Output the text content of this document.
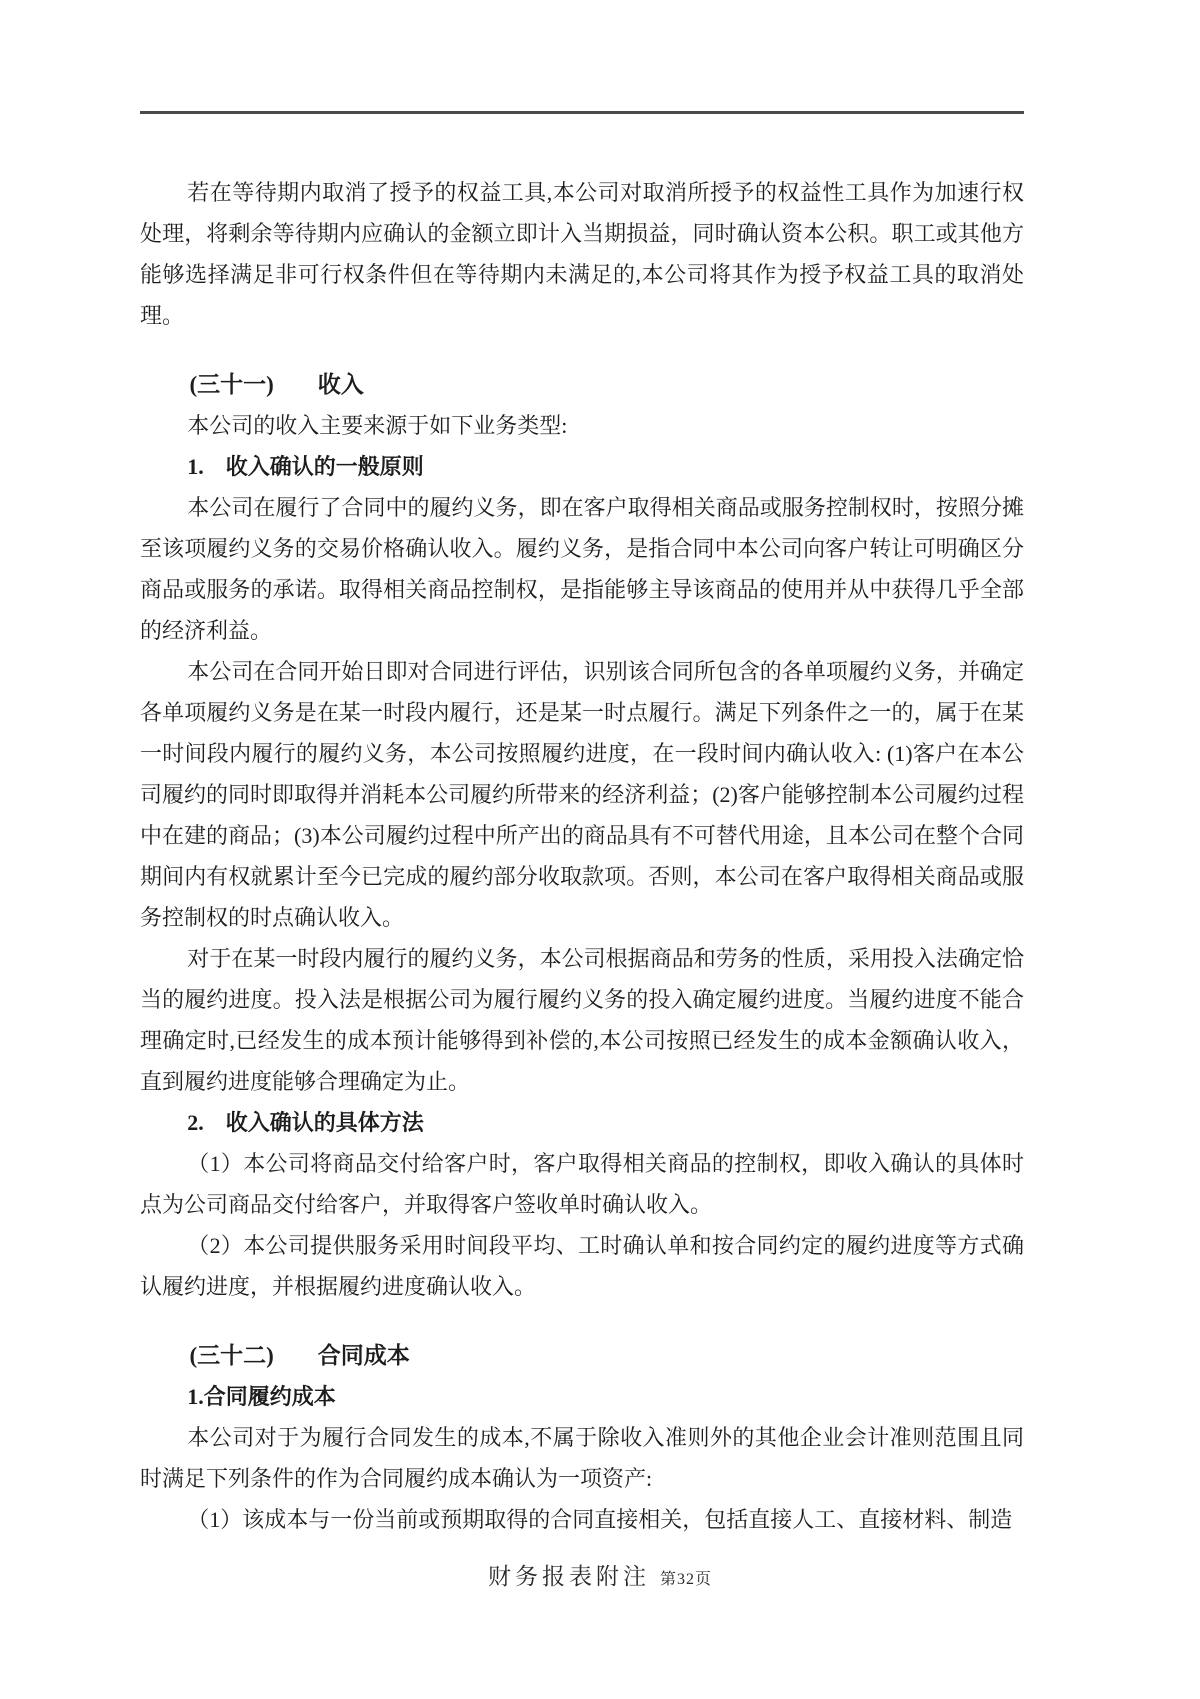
若在等待期内取消了授予的权益工具,本公司对取消所授予的权益性工具作为加速行权处理，将剩余等待期内应确认的金额立即计入当期损益，同时确认资本公积。职工或其他方能够选择满足非可行权条件但在等待期内未满足的,本公司将其作为授予权益工具的取消处理。

(三十一) 收入

本公司的收入主要来源于如下业务类型:

1.　收入确认的一般原则

本公司在履行了合同中的履约义务，即在客户取得相关商品或服务控制权时，按照分摊至该项履约义务的交易价格确认收入。履约义务，是指合同中本公司向客户转让可明确区分商品或服务的承诺。取得相关商品控制权，是指能够主导该商品的使用并从中获得几乎全部的经济利益。

本公司在合同开始日即对合同进行评估，识别该合同所包含的各单项履约义务，并确定各单项履约义务是在某一时段内履行，还是某一时点履行。满足下列条件之一的，属于在某一时间段内履行的履约义务，本公司按照履约进度，在一段时间内确认收入: (1)客户在本公司履约的同时即取得并消耗本公司履约所带来的经济利益；(2)客户能够控制本公司履约过程中在建的商品；(3)本公司履约过程中所产出的商品具有不可替代用途，且本公司在整个合同期间内有权就累计至今已完成的履约部分收取款项。否则，本公司在客户取得相关商品或服务控制权的时点确认收入。

对于在某一时段内履行的履约义务，本公司根据商品和劳务的性质，采用投入法确定恰当的履约进度。投入法是根据公司为履行履约义务的投入确定履约进度。当履约进度不能合理确定时,已经发生的成本预计能够得到补偿的,本公司按照已经发生的成本金额确认收入，直到履约进度能够合理确定为止。

2.　收入确认的具体方法

（1）本公司将商品交付给客户时，客户取得相关商品的控制权，即收入确认的具体时点为公司商品交付给客户，并取得客户签收单时确认收入。

（2）本公司提供服务采用时间段平均、工时确认单和按合同约定的履约进度等方式确认履约进度，并根据履约进度确认收入。

(三十二) 合同成本
1.合同履约成本

本公司对于为履行合同发生的成本,不属于除收入准则外的其他企业会计准则范围且同时满足下列条件的作为合同履约成本确认为一项资产:

（1）该成本与一份当前或预期取得的合同直接相关，包括直接人工、直接材料、制造

财务报表附注 第32页
